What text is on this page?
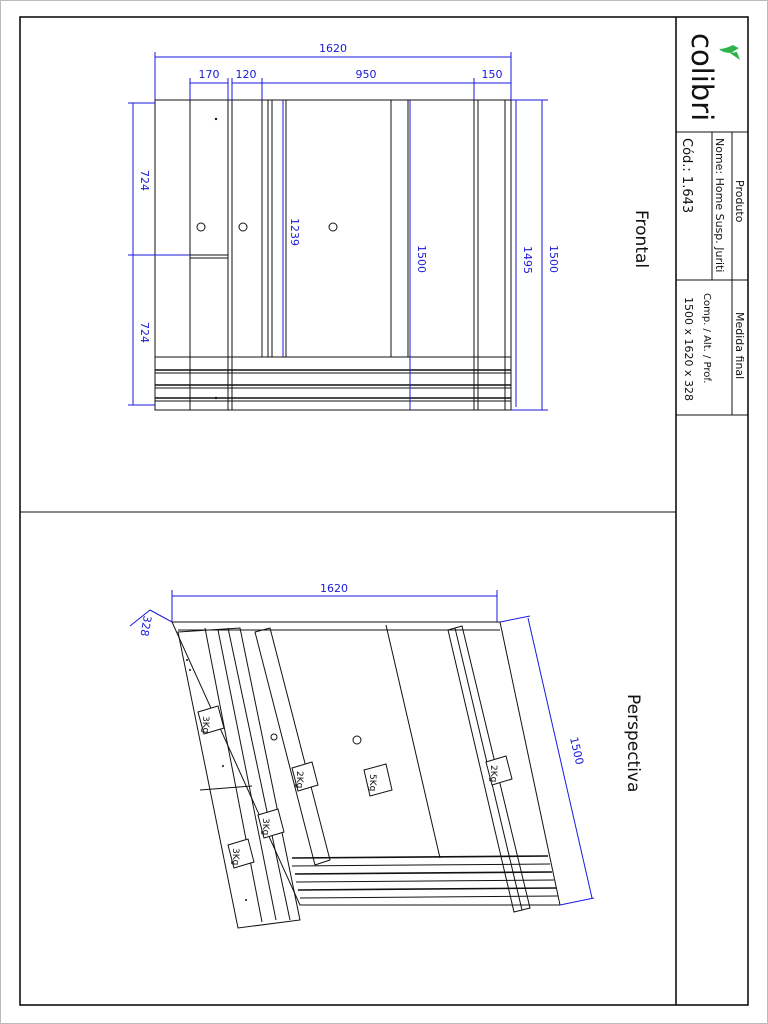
colibri
Produto
Nome: Home Susp. Juriti
Cód.: 1.643
Medida final
Comp. / Alt. / Prof.
1500 x 1620 x 328
Frontal
Perspectiva
1620
170 120	950	150
724
724
1239
1500	1495 1500
3Kg
3Kg
3Kg
2Kg	5Kg
2Kg
1620
328
1500
